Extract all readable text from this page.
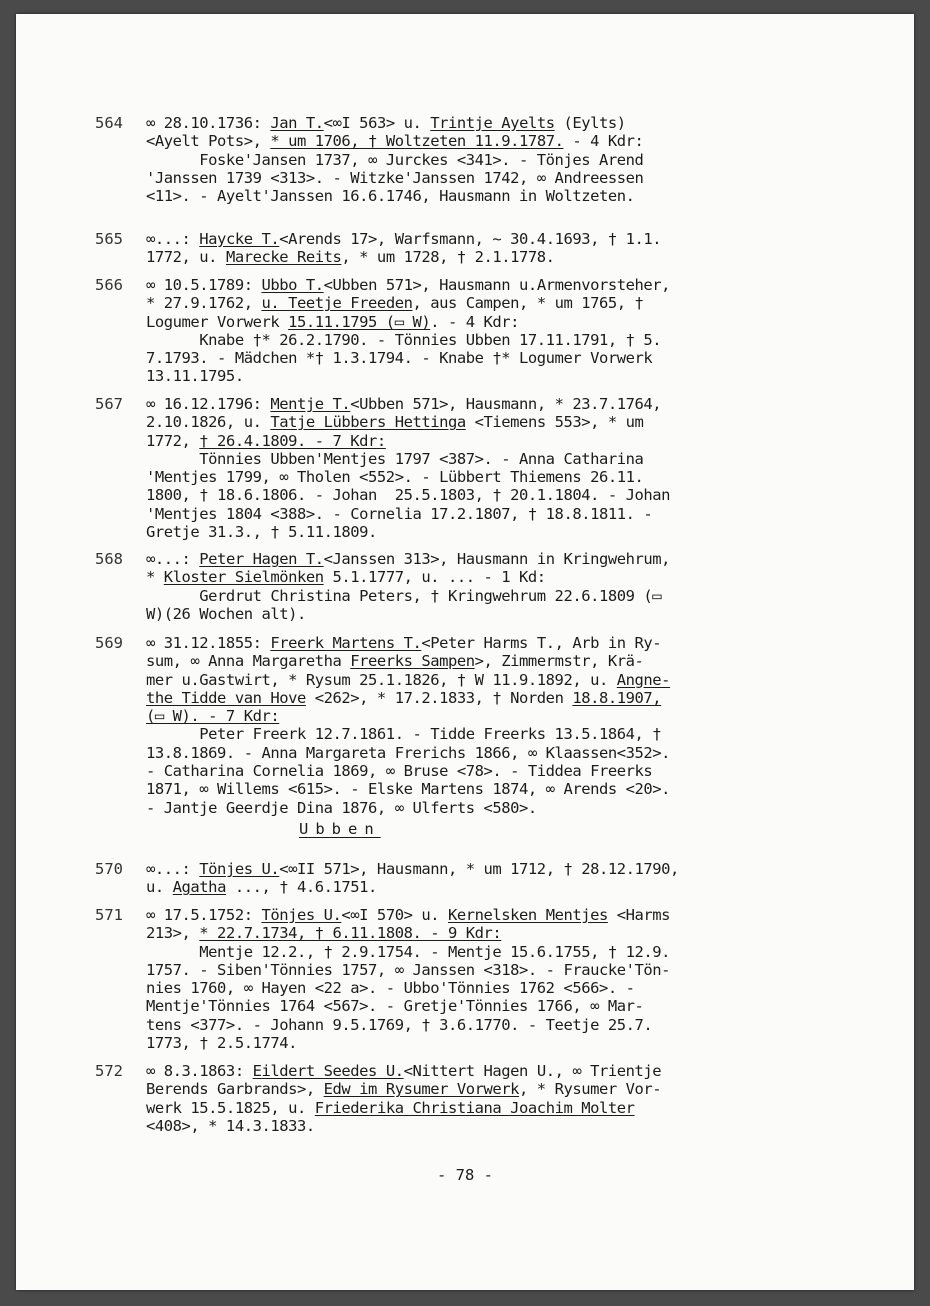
564 ∞ 28.10.1736: Jan T.<∞I 563> u. Trintje Ayelts (Eylts)
<Ayelt Pots>, * um 1706, † Woltzeten 11.9.1787. - 4 Kdr:
Foske'Jansen 1737, ∞ Jurckes <341>. - Tönjes Arend
'Janssen 1739 <313>. - Witzke'Janssen 1742, ∞ Andreessen
<11>. - Ayelt'Janssen 16.6.1746, Hausmann in Woltzeten.
565 ∞...: Haycke T.<Arends 17>, Warfsmann, ~ 30.4.1693, † 1.1.
1772, u. Marecke Reits, * um 1728, † 2.1.1778.
566 ∞ 10.5.1789: Ubbo T.<Ubben 571>, Hausmann u.Armenvorsteher,
* 27.9.1762, u. Teetje Freeden, aus Campen, * um 1765, †
Logumer Vorwerk 15.11.1795 (▭ W). - 4 Kdr:
Knabe †* 26.2.1790. - Tönnies Ubben 17.11.1791, † 5.
7.1793. - Mädchen *† 1.3.1794. - Knabe †* Logumer Vorwerk
13.11.1795.
567 ∞ 16.12.1796: Mentje T.<Ubben 571>, Hausmann, * 23.7.1764,
2.10.1826, u. Tatje Lübbers Hettinga <Tiemens 553>, * um
1772, † 26.4.1809. - 7 Kdr:
Tönnies Ubben'Mentjes 1797 <387>. - Anna Catharina
'Mentjes 1799, ∞ Tholen <552>. - Lübbert Thiemens 26.11.
1800, † 18.6.1806. - Johan  25.5.1803, † 20.1.1804. - Johan
'Mentjes 1804 <388>. - Cornelia 17.2.1807, † 18.8.1811. -
Gretje 31.3., † 5.11.1809.
568 ∞...: Peter Hagen T.<Janssen 313>, Hausmann in Kringwehrum,
* Kloster Sielmönken 5.1.1777, u. ... - 1 Kd:
Gerdrut Christina Peters, † Kringwehrum 22.6.1809 (▭
W)(26 Wochen alt).
569 ∞ 31.12.1855: Freerk Martens T.<Peter Harms T., Arb in Ry-
sum, ∞ Anna Margaretha Freerks Sampen>, Zimmermstr, Krä-
mer u.Gastwirt, * Rysum 25.1.1826, † W 11.9.1892, u. Angne-
the Tidde van Hove <262>, * 17.2.1833, † Norden 18.8.1907,
(▭ W). - 7 Kdr:
Peter Freerk 12.7.1861. - Tidde Freerks 13.5.1864, †
13.8.1869. - Anna Margareta Frerichs 1866, ∞ Klaassen<352>.
- Catharina Cornelia 1869, ∞ Bruse <78>. - Tiddea Freerks
1871, ∞ Willems <615>. - Elske Martens 1874, ∞ Arends <20>.
- Jantje Geerdje Dina 1876, ∞ Ulferts <580>.
570 ∞...: Tönjes U.<∞II 571>, Hausmann, * um 1712, † 28.12.1790,
u. Agatha ..., † 4.6.1751.
571 ∞ 17.5.1752: Tönjes U.<∞I 570> u. Kernelsken Mentjes <Harms
213>, * 22.7.1734, † 6.11.1808. - 9 Kdr:
Mentje 12.2., † 2.9.1754. - Mentje 15.6.1755, † 12.9.
1757. - Siben'Tönnies 1757, ∞ Janssen <318>. - Fraucke'Tön-
nies 1760, ∞ Hayen <22 a>. - Ubbo'Tönnies 1762 <566>. -
Mentje'Tönnies 1764 <567>. - Gretje'Tönnies 1766, ∞ Mar-
tens <377>. - Johann 9.5.1769, † 3.6.1770. - Teetje 25.7.
1773, † 2.5.1774.
572 ∞ 8.3.1863: Eildert Seedes U.<Nittert Hagen U., ∞ Trientje
Berends Garbrands>, Edw im Rysumer Vorwerk, * Rysumer Vor-
werk 15.5.1825, u. Friederika Christiana Joachim Molter
<408>, * 14.3.1833.
Ubben
- 78 -
